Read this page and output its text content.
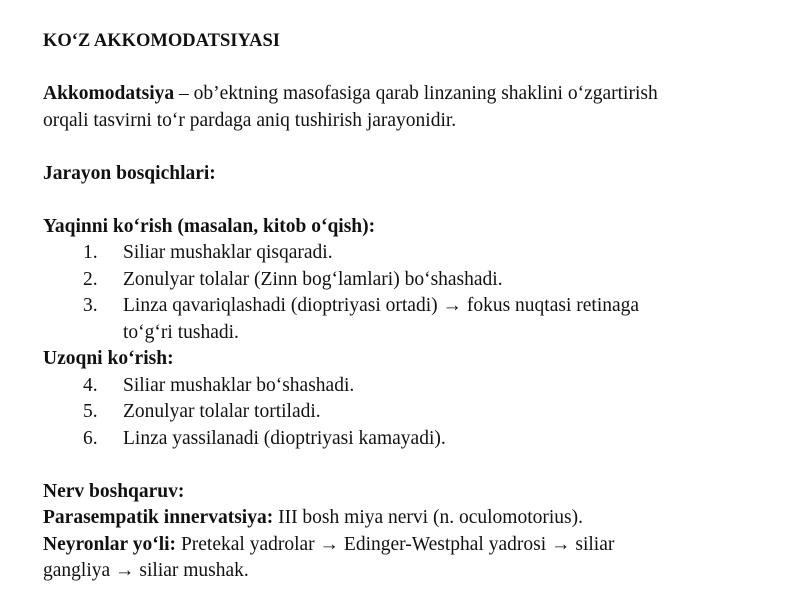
KO‘Z AKKOMODATSIYASI
Akkomodatsiya – ob’ektning masofasiga qarab linzaning shaklini o‘zgartirish
orqali tasvirni to‘r pardaga aniq tushirish jarayonidir.
Jarayon bosqichlari:
Yaqinni ko‘rish (masalan, kitob o‘qish):
1.	Siliar mushaklar qisqaradi.
2.	Zonulyar tolalar (Zinn bog‘lamlari) bo‘shashadi.
3.	Linza qavariqlashadi (dioptriyasi ortadi) → fokus nuqtasi retinaga
to‘g‘ri tushadi.
Uzoqni ko‘rish:
4.	Siliar mushaklar bo‘shashadi.
5.	Zonulyar tolalar tortiladi.
6.	Linza yassilanadi (dioptriyasi kamayadi).
Nerv boshqaruv:
Parasempatik innervatsiya: III bosh miya nervi (n. oculomotorius).
Neyronlar yo‘li: Pretekal yadrolar → Edinger-Westphal yadrosi → siliar
gangliya → siliar mushak.
